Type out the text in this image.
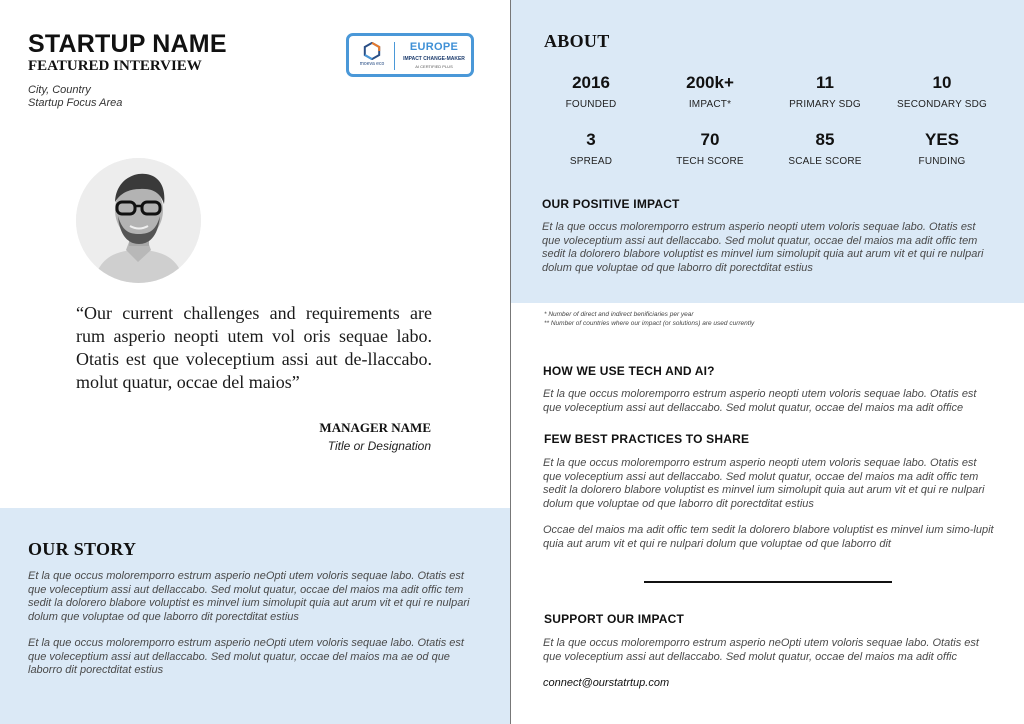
STARTUP NAME
FEATURED INTERVIEW
City, Country
Startup Focus Area
moeva eco
EUROPE
IMPACT CHANGE-MAKER
AI CERTIFIED PLUS
“Our current challenges and requirements are rum asperio neopti utem vol oris sequae labo. Otatis est que voleceptium assi aut de-llaccabo. molut quatur, occae del maios”
MANAGER NAME
Title or Designation
OUR STORY
Et la que occus moloremporro estrum asperio neOpti utem voloris sequae labo. Otatis est que voleceptium assi aut dellaccabo. Sed molut quatur, occae del maios ma adit offic tem sedit la dolorero blabore voluptist es minvel ium simolupit quia aut arum vit et qui re nulpari dolum que voluptae od que laborro dit porectditat estius
Et la que occus moloremporro estrum asperio neOpti utem voloris sequae labo. Otatis est que voleceptium assi aut dellaccabo. Sed molut quatur, occae del maios ma ae od que laborro dit porectditat estius
ABOUT
2016
FOUNDED
200k+
IMPACT*
11
PRIMARY SDG
10
SECONDARY SDG
3
SPREAD
70
TECH SCORE
85
SCALE SCORE
YES
FUNDING
OUR POSITIVE IMPACT
Et la que occus moloremporro estrum asperio neopti utem voloris sequae labo. Otatis est que voleceptium assi aut dellaccabo. Sed molut quatur, occae del maios ma adit offic tem sedit la dolorero blabore voluptist es minvel ium simolupit quia aut arum vit et qui re nulpari dolum que voluptae od que laborro dit porectditat estius
* Number of direct and indirect benificiaries per year
** Number of countries where our impact (or solutions) are used currently
HOW WE USE TECH AND AI?
Et la que occus moloremporro estrum asperio neopti utem voloris sequae labo. Otatis est que voleceptium assi aut dellaccabo. Sed molut quatur, occae del maios ma adit office
FEW BEST PRACTICES TO SHARE
Et la que occus moloremporro estrum asperio neopti utem voloris sequae labo. Otatis est que voleceptium assi aut dellaccabo. Sed molut quatur, occae del maios ma adit offic tem sedit la dolorero blabore voluptist es minvel ium simolupit quia aut arum vit et qui re nulpari dolum que voluptae od que laborro dit porectditat estius
Occae del maios ma adit offic tem sedit la dolorero blabore voluptist es minvel ium simo-lupit quia aut arum vit et qui re nulpari dolum que voluptae od que laborro dit
SUPPORT OUR IMPACT
Et la que occus moloremporro estrum asperio neOpti utem voloris sequae labo. Otatis est que voleceptium assi aut dellaccabo. Sed molut quatur, occae del maios ma adit offic
connect@ourstatrtup.com
